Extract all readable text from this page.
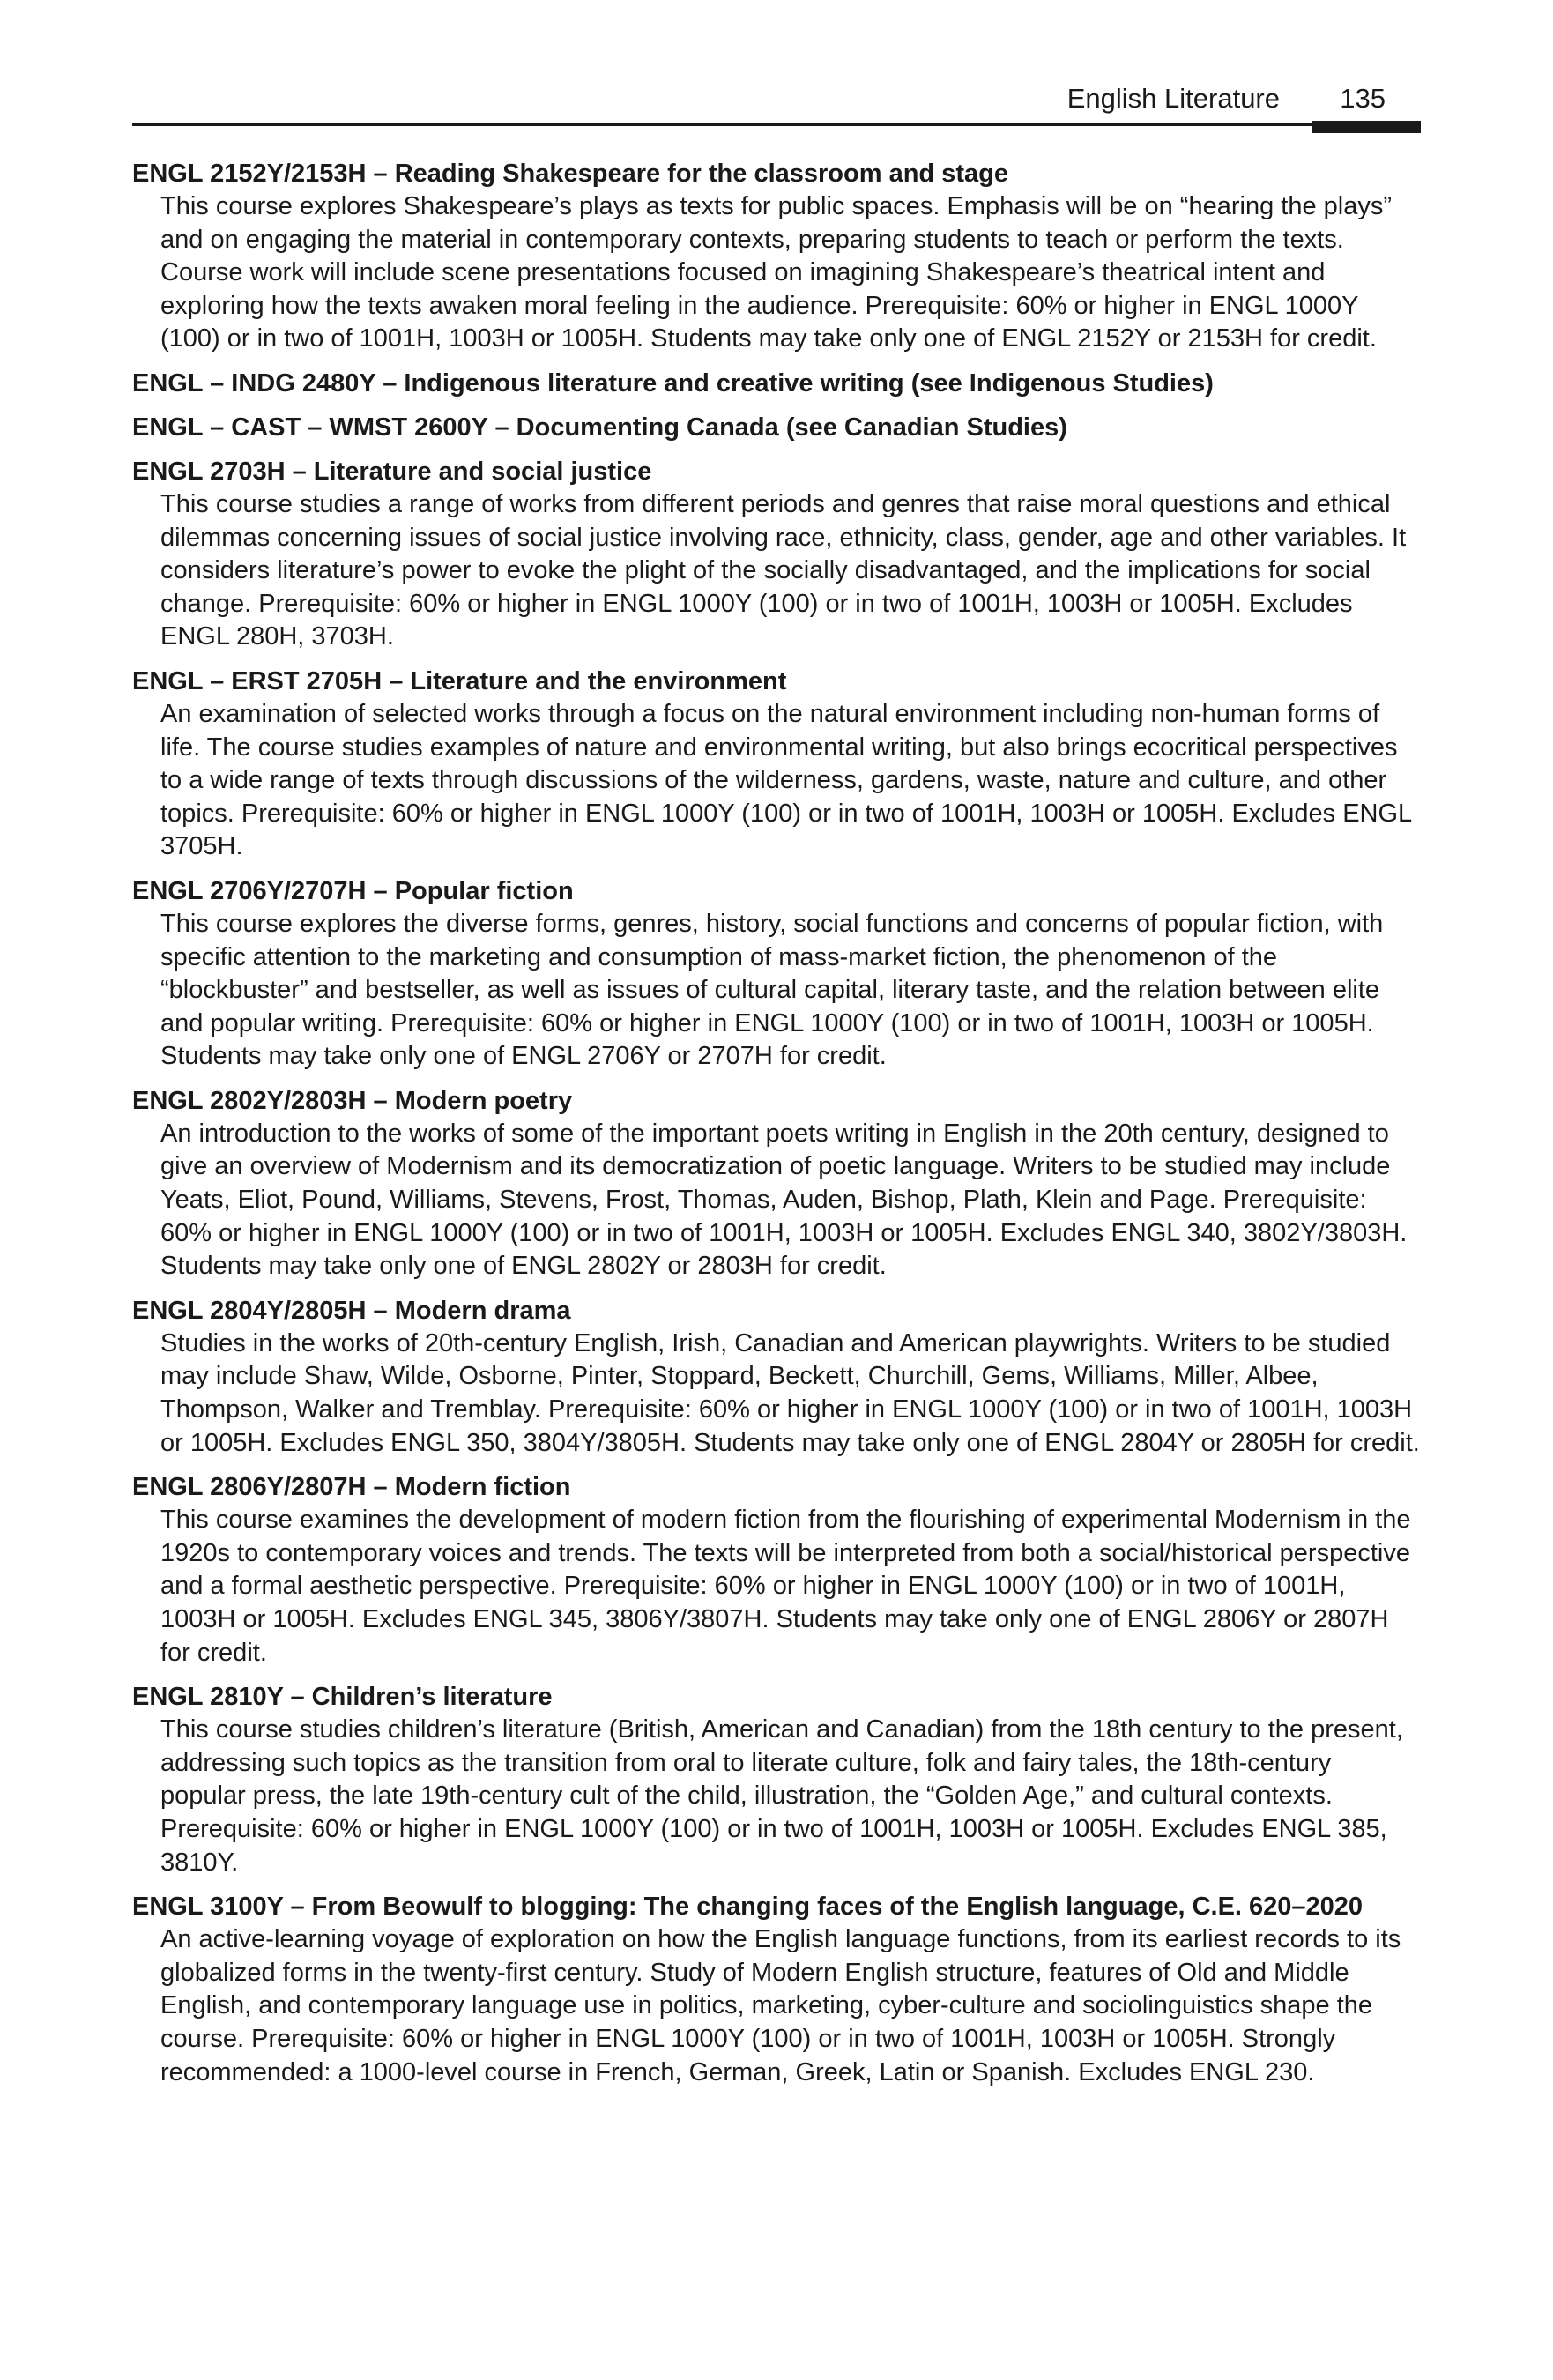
English Literature 135
ENGL 2152Y/2153H – Reading Shakespeare for the classroom and stage
This course explores Shakespeare’s plays as texts for public spaces. Emphasis will be on “hearing the plays” and on engaging the material in contemporary contexts, preparing students to teach or perform the texts. Course work will include scene presentations focused on imagining Shakespeare’s theatrical intent and exploring how the texts awaken moral feeling in the audience. Prerequisite: 60% or higher in ENGL 1000Y (100) or in two of 1001H, 1003H or 1005H. Students may take only one of ENGL 2152Y or 2153H for credit.
ENGL – INDG 2480Y – Indigenous literature and creative writing (see Indigenous Studies)
ENGL – CAST – WMST 2600Y – Documenting Canada (see Canadian Studies)
ENGL 2703H – Literature and social justice
This course studies a range of works from different periods and genres that raise moral questions and ethical dilemmas concerning issues of social justice involving race, ethnicity, class, gender, age and other variables. It considers literature’s power to evoke the plight of the socially disadvantaged, and the implications for social change. Prerequisite: 60% or higher in ENGL 1000Y (100) or in two of 1001H, 1003H or 1005H. Excludes ENGL 280H, 3703H.
ENGL – ERST 2705H – Literature and the environment
An examination of selected works through a focus on the natural environment including non-human forms of life. The course studies examples of nature and environmental writing, but also brings ecocritical perspectives to a wide range of texts through discussions of the wilderness, gardens, waste, nature and culture, and other topics. Prerequisite: 60% or higher in ENGL 1000Y (100) or in two of 1001H, 1003H or 1005H. Excludes ENGL 3705H.
ENGL 2706Y/2707H – Popular fiction
This course explores the diverse forms, genres, history, social functions and concerns of popular fiction, with specific attention to the marketing and consumption of mass-market fiction, the phenomenon of the “blockbuster” and bestseller, as well as issues of cultural capital, literary taste, and the relation between elite and popular writing. Prerequisite: 60% or higher in ENGL 1000Y (100) or in two of 1001H, 1003H or 1005H. Students may take only one of ENGL 2706Y or 2707H for credit.
ENGL 2802Y/2803H – Modern poetry
An introduction to the works of some of the important poets writing in English in the 20th century, designed to give an overview of Modernism and its democratization of poetic language. Writers to be studied may include Yeats, Eliot, Pound, Williams, Stevens, Frost, Thomas, Auden, Bishop, Plath, Klein and Page. Prerequisite: 60% or higher in ENGL 1000Y (100) or in two of 1001H, 1003H or 1005H. Excludes ENGL 340, 3802Y/3803H. Students may take only one of ENGL 2802Y or 2803H for credit.
ENGL 2804Y/2805H – Modern drama
Studies in the works of 20th-century English, Irish, Canadian and American playwrights. Writers to be studied may include Shaw, Wilde, Osborne, Pinter, Stoppard, Beckett, Churchill, Gems, Williams, Miller, Albee, Thompson, Walker and Tremblay. Prerequisite: 60% or higher in ENGL 1000Y (100) or in two of 1001H, 1003H or 1005H. Excludes ENGL 350, 3804Y/3805H. Students may take only one of ENGL 2804Y or 2805H for credit.
ENGL 2806Y/2807H – Modern fiction
This course examines the development of modern fiction from the flourishing of experimental Modernism in the 1920s to contemporary voices and trends. The texts will be interpreted from both a social/historical perspective and a formal aesthetic perspective. Prerequisite: 60% or higher in ENGL 1000Y (100) or in two of 1001H, 1003H or 1005H. Excludes ENGL 345, 3806Y/3807H. Students may take only one of ENGL 2806Y or 2807H for credit.
ENGL 2810Y – Children’s literature
This course studies children’s literature (British, American and Canadian) from the 18th century to the present, addressing such topics as the transition from oral to literate culture, folk and fairy tales, the 18th-century popular press, the late 19th-century cult of the child, illustration, the “Golden Age,” and cultural contexts. Prerequisite: 60% or higher in ENGL 1000Y (100) or in two of 1001H, 1003H or 1005H. Excludes ENGL 385, 3810Y.
ENGL 3100Y – From Beowulf to blogging: The changing faces of the English language, C.E. 620–2020
An active-learning voyage of exploration on how the English language functions, from its earliest records to its globalized forms in the twenty-first century. Study of Modern English structure, features of Old and Middle English, and contemporary language use in politics, marketing, cyber-culture and sociolinguistics shape the course. Prerequisite: 60% or higher in ENGL 1000Y (100) or in two of 1001H, 1003H or 1005H. Strongly recommended: a 1000-level course in French, German, Greek, Latin or Spanish. Excludes ENGL 230.
